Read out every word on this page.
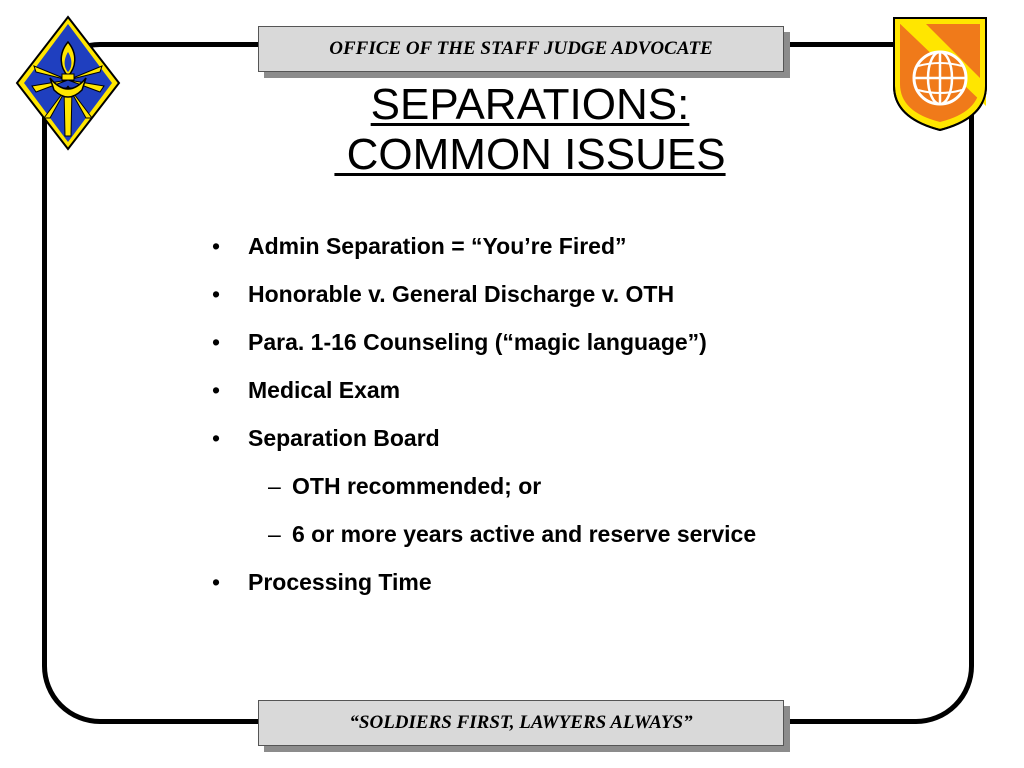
OFFICE OF THE STAFF JUDGE ADVOCATE
SEPARATIONS:
COMMON ISSUES
• Admin Separation = “You’re Fired”
• Honorable v. General Discharge v. OTH
• Para. 1-16 Counseling (“magic language”)
• Medical Exam
• Separation Board
– OTH recommended; or
– 6 or more years active and reserve service
• Processing Time
“SOLDIERS FIRST, LAWYERS ALWAYS”
